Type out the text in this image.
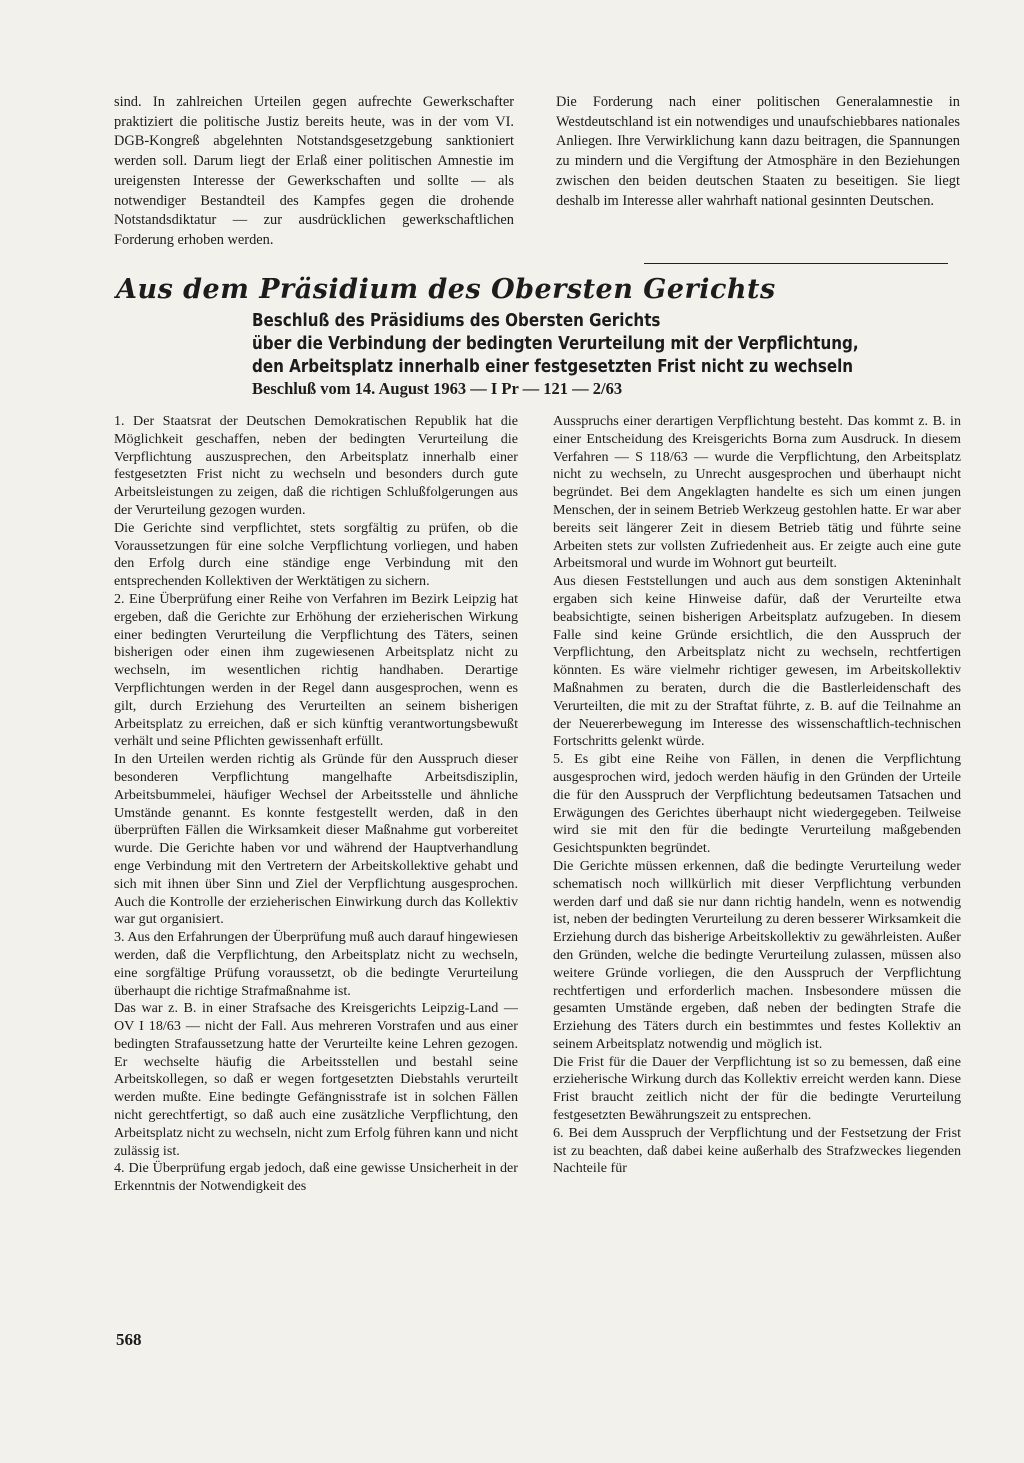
sind. In zahlreichen Urteilen gegen aufrechte Gewerkschafter praktiziert die politische Justiz bereits heute, was in der vom VI. DGB-Kongreß abgelehnten Notstandsgesetzgebung sanktioniert werden soll. Darum liegt der Erlaß einer politischen Amnestie im ureigensten Interesse der Gewerkschaften und sollte — als notwendiger Bestandteil des Kampfes gegen die drohende Notstandsdiktatur — zur ausdrücklichen gewerkschaftlichen Forderung erhoben werden.

Die Forderung nach einer politischen Generalamnestie in Westdeutschland ist ein notwendiges und unaufschiebbares nationales Anliegen. Ihre Verwirklichung kann dazu beitragen, die Spannungen zu mindern und die Vergiftung der Atmosphäre in den Beziehungen zwischen den beiden deutschen Staaten zu beseitigen. Sie liegt deshalb im Interesse aller wahrhaft national gesinnten Deutschen.

Aus dem Präsidium des Obersten Gerichts
Beschluß des Präsidiums des Obersten Gerichts
über die Verbindung der bedingten Verurteilung mit der Verpflichtung,
den Arbeitsplatz innerhalb einer festgesetzten Frist nicht zu wechseln

Beschluß vom 14. August 1963 — I Pr — 121 — 2/63

1. Der Staatsrat der Deutschen Demokratischen Republik hat die Möglichkeit geschaffen, neben der bedingten Verurteilung die Verpflichtung auszusprechen, den Arbeitsplatz innerhalb einer festgesetzten Frist nicht zu wechseln und besonders durch gute Arbeitsleistungen zu zeigen, daß die richtigen Schlußfolgerungen aus der Verurteilung gezogen wurden.

Die Gerichte sind verpflichtet, stets sorgfältig zu prüfen, ob die Voraussetzungen für eine solche Verpflichtung vorliegen, und haben den Erfolg durch eine ständige enge Verbindung mit den entsprechenden Kollektiven der Werktätigen zu sichern.

2. Eine Überprüfung einer Reihe von Verfahren im Bezirk Leipzig hat ergeben, daß die Gerichte zur Erhöhung der erzieherischen Wirkung einer bedingten Verurteilung die Verpflichtung des Täters, seinen bisherigen oder einen ihm zugewiesenen Arbeitsplatz nicht zu wechseln, im wesentlichen richtig handhaben. Derartige Verpflichtungen werden in der Regel dann ausgesprochen, wenn es gilt, durch Erziehung des Verurteilten an seinem bisherigen Arbeitsplatz zu erreichen, daß er sich künftig verantwortungsbewußt verhält und seine Pflichten gewissenhaft erfüllt.

In den Urteilen werden richtig als Gründe für den Ausspruch dieser besonderen Verpflichtung mangelhafte Arbeitsdisziplin, Arbeitsbummelei, häufiger Wechsel der Arbeitsstelle und ähnliche Umstände genannt. Es konnte festgestellt werden, daß in den überprüften Fällen die Wirksamkeit dieser Maßnahme gut vorbereitet wurde. Die Gerichte haben vor und während der Hauptverhandlung enge Verbindung mit den Vertretern der Arbeitskollektive gehabt und sich mit ihnen über Sinn und Ziel der Verpflichtung ausgesprochen. Auch die Kontrolle der erzieherischen Einwirkung durch das Kollektiv war gut organisiert.

3. Aus den Erfahrungen der Überprüfung muß auch darauf hingewiesen werden, daß die Verpflichtung, den Arbeitsplatz nicht zu wechseln, eine sorgfältige Prüfung voraussetzt, ob die bedingte Verurteilung überhaupt die richtige Strafmaßnahme ist.

Das war z. B. in einer Strafsache des Kreisgerichts Leipzig-Land — OV I 18/63 — nicht der Fall. Aus mehreren Vorstrafen und aus einer bedingten Strafaussetzung hatte der Verurteilte keine Lehren gezogen. Er wechselte häufig die Arbeitsstellen und bestahl seine Arbeitskollegen, so daß er wegen fortgesetzten Diebstahls verurteilt werden mußte. Eine bedingte Gefängnisstrafe ist in solchen Fällen nicht gerechtfertigt, so daß auch eine zusätzliche Verpflichtung, den Arbeitsplatz nicht zu wechseln, nicht zum Erfolg führen kann und nicht zulässig ist.

4. Die Überprüfung ergab jedoch, daß eine gewisse Unsicherheit in der Erkenntnis der Notwendigkeit des

Ausspruchs einer derartigen Verpflichtung besteht. Das kommt z. B. in einer Entscheidung des Kreisgerichts Borna zum Ausdruck. In diesem Verfahren — S 118/63 — wurde die Verpflichtung, den Arbeitsplatz nicht zu wechseln, zu Unrecht ausgesprochen und überhaupt nicht begründet. Bei dem Angeklagten handelte es sich um einen jungen Menschen, der in seinem Betrieb Werkzeug gestohlen hatte. Er war aber bereits seit längerer Zeit in diesem Betrieb tätig und führte seine Arbeiten stets zur vollsten Zufriedenheit aus. Er zeigte auch eine gute Arbeitsmoral und wurde im Wohnort gut beurteilt.

Aus diesen Feststellungen und auch aus dem sonstigen Akteninhalt ergaben sich keine Hinweise dafür, daß der Verurteilte etwa beabsichtigte, seinen bisherigen Arbeitsplatz aufzugeben. In diesem Falle sind keine Gründe ersichtlich, die den Ausspruch der Verpflichtung, den Arbeitsplatz nicht zu wechseln, rechtfertigen könnten. Es wäre vielmehr richtiger gewesen, im Arbeitskollektiv Maßnahmen zu beraten, durch die die Bastlerleidenschaft des Verurteilten, die mit zu der Straftat führte, z. B. auf die Teilnahme an der Neuererbewegung im Interesse des wissenschaftlich-technischen Fortschritts gelenkt würde.

5. Es gibt eine Reihe von Fällen, in denen die Verpflichtung ausgesprochen wird, jedoch werden häufig in den Gründen der Urteile die für den Ausspruch der Verpflichtung bedeutsamen Tatsachen und Erwägungen des Gerichtes überhaupt nicht wiedergegeben. Teilweise wird sie mit den für die bedingte Verurteilung maßgebenden Gesichtspunkten begründet.

Die Gerichte müssen erkennen, daß die bedingte Verurteilung weder schematisch noch willkürlich mit dieser Verpflichtung verbunden werden darf und daß sie nur dann richtig handeln, wenn es notwendig ist, neben der bedingten Verurteilung zu deren besserer Wirksamkeit die Erziehung durch das bisherige Arbeitskollektiv zu gewährleisten. Außer den Gründen, welche die bedingte Verurteilung zulassen, müssen also weitere Gründe vorliegen, die den Ausspruch der Verpflichtung rechtfertigen und erforderlich machen. Insbesondere müssen die gesamten Umstände ergeben, daß neben der bedingten Strafe die Erziehung des Täters durch ein bestimmtes und festes Kollektiv an seinem Arbeitsplatz notwendig und möglich ist.

Die Frist für die Dauer der Verpflichtung ist so zu bemessen, daß eine erzieherische Wirkung durch das Kollektiv erreicht werden kann. Diese Frist braucht zeitlich nicht der für die bedingte Verurteilung festgesetzten Bewährungszeit zu entsprechen.

6. Bei dem Ausspruch der Verpflichtung und der Festsetzung der Frist ist zu beachten, daß dabei keine außerhalb des Strafzweckes liegenden Nachteile für

568
